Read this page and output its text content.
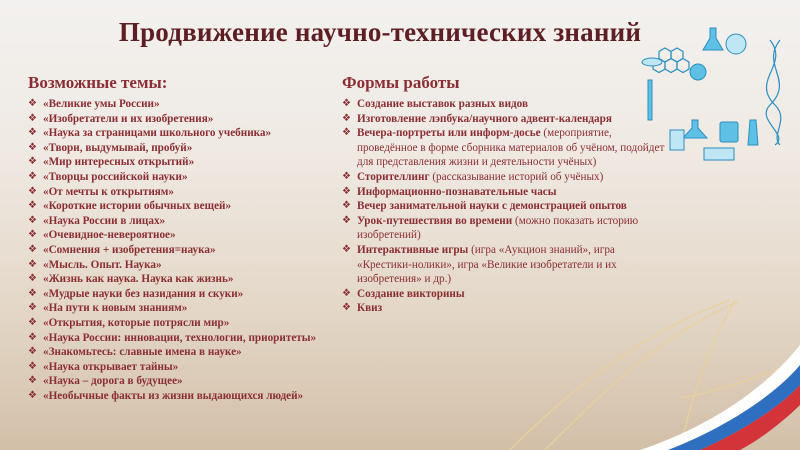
Продвижение научно-технических знаний
Возможные темы:	Формы работы
❖ «Великие умы России»
❖ «Изобретатели и их изобретения»
❖ «Наука за страницами школьного учебника»
❖ «Твори, выдумывай, пробуй»
❖ «Мир интересных открытий»
❖ «Творцы российской науки»
❖ «От мечты к открытиям»
❖ «Короткие истории обычных вещей»
❖ «Наука России в лицах»
❖ «Очевидное-невероятное»
❖ «Сомнения + изобретения=наука»
❖ «Мысль. Опыт. Наука»
❖ «Жизнь как наука. Наука как жизнь»
❖ «Мудрые науки без назидания и скуки»
❖ «На пути к новым знаниям»
❖ «Открытия, которые потрясли мир»
❖ «Наука России: инновации, технологии, приоритеты»
❖ «Знакомьтесь: славные имена в науке»
❖ «Наука открывает тайны»
❖ «Наука – дорога в будущее»
❖ «Необычные факты из жизни выдающихся людей»
❖ Создание выставок разных видов
❖ Изготовление лэпбука/научного адвент-календаря
❖ Вечера-портреты или информ-досье (мероприятие, проведённое в форме сборника материалов об учёном, подойдет для представления жизни и деятельности учёных)
❖ Сторителлинг (рассказывание историй об учёных)
❖ Информационно-познавательные часы
❖ Вечер занимательной науки с демонстрацией опытов
❖ Урок-путешествия во времени (можно показать историю изобретений)
❖ Интерактивные игры (игра «Аукцион знаний», игра «Крестики-нолики», игра «Великие изобретатели и их изобретения» и др.)
❖ Создание викторины
❖ Квиз
